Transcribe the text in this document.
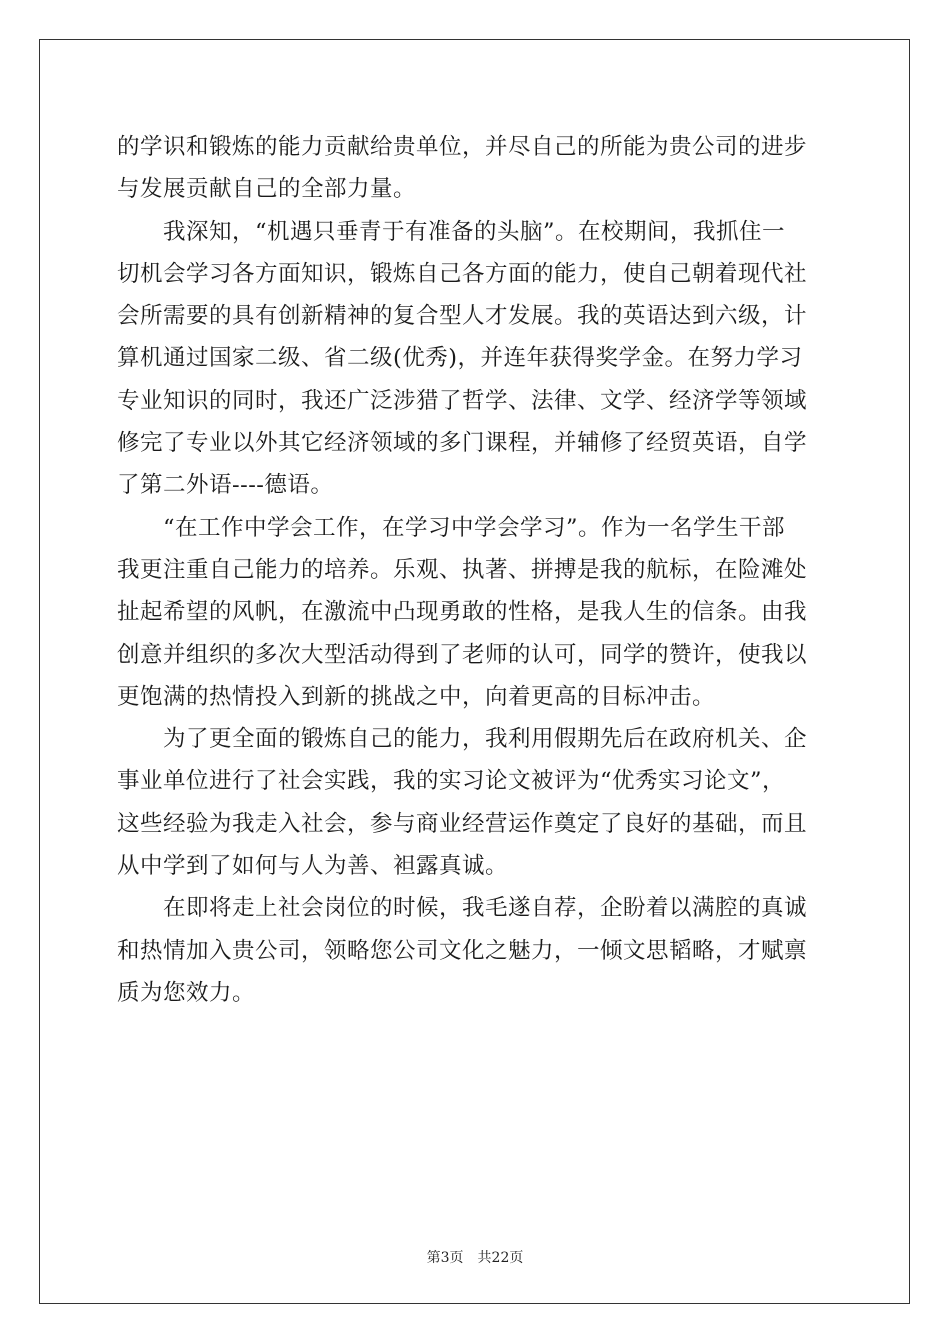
的学识和锻炼的能力贡献给贵单位，并尽自己的所能为贵公司的进步
与发展贡献自己的全部力量。
我深知，“机遇只垂青于有准备的头脑”。在校期间，我抓住一
切机会学习各方面知识，锻炼自己各方面的能力，使自己朝着现代社
会所需要的具有创新精神的复合型人才发展。我的英语达到六级，计
算机通过国家二级、省二级(优秀)，并连年获得奖学金。在努力学习
专业知识的同时，我还广泛涉猎了哲学、法律、文学、经济学等领域
修完了专业以外其它经济领域的多门课程，并辅修了经贸英语，自学
了第二外语----德语。
“在工作中学会工作，在学习中学会学习”。作为一名学生干部
我更注重自己能力的培养。乐观、执著、拼搏是我的航标，在险滩处
扯起希望的风帆，在激流中凸现勇敢的性格，是我人生的信条。由我
创意并组织的多次大型活动得到了老师的认可，同学的赞许，使我以
更饱满的热情投入到新的挑战之中，向着更高的目标冲击。
为了更全面的锻炼自己的能力，我利用假期先后在政府机关、企
事业单位进行了社会实践，我的实习论文被评为“优秀实习论文”，
这些经验为我走入社会，参与商业经营运作奠定了良好的基础，而且
从中学到了如何与人为善、袒露真诚。
在即将走上社会岗位的时候，我毛遂自荐，企盼着以满腔的真诚
和热情加入贵公司，领略您公司文化之魅力，一倾文思韬略，才赋禀
质为您效力。
第3页 共22页
